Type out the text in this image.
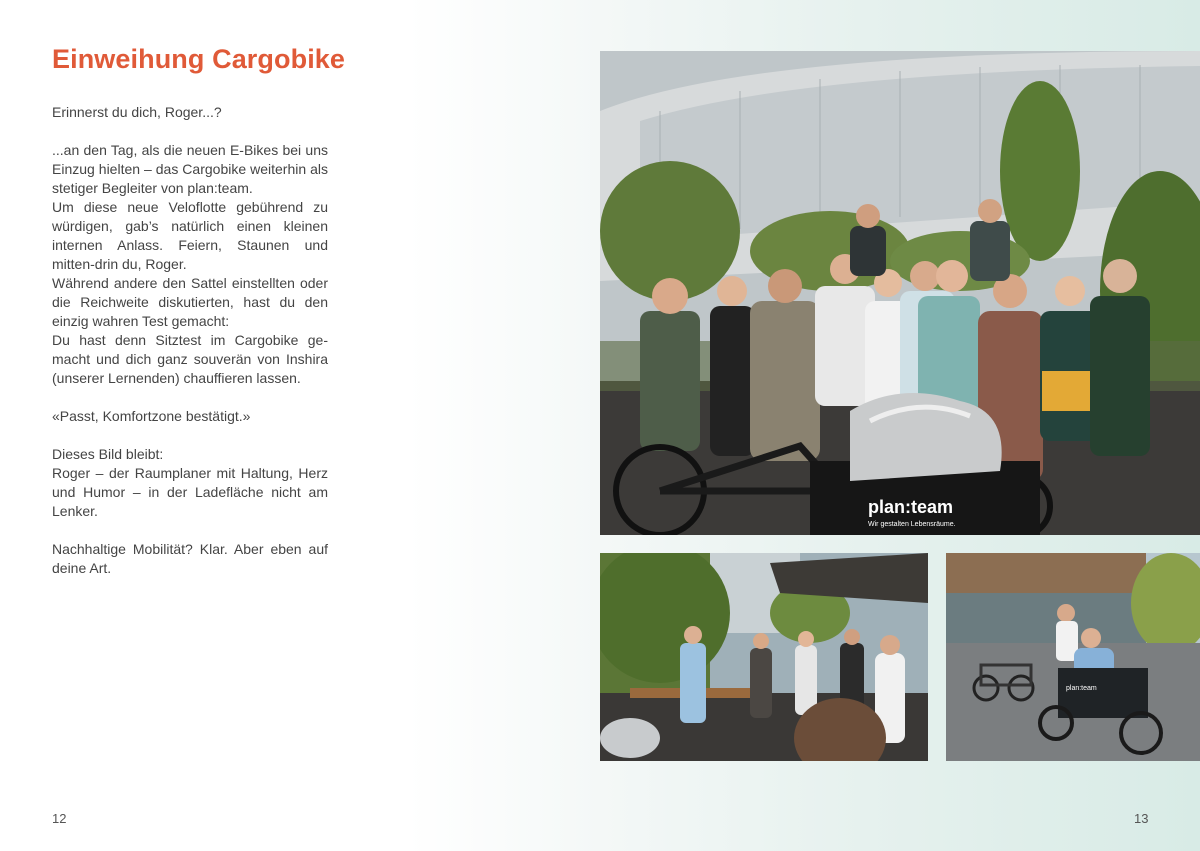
Einweihung Cargobike

Erinnerst du dich, Roger...?

...an den Tag, als die neuen E-Bikes bei uns Einzug hielten – das Cargobike weiterhin als stetiger Begleiter von plan:team.

Um diese neue Veloflotte gebührend zu würdigen, gab’s natürlich einen kleinen internen Anlass. Feiern, Staunen und mitten-drin du, Roger.

Während andere den Sattel einstellten oder die Reichweite diskutierten, hast du den einzig wahren Test gemacht:

Du hast denn Sitztest im Cargobike ge-macht und dich ganz souverän von Inshira (unserer Lernenden) chauffieren lassen.

«Passt, Komfortzone bestätigt.»

Dieses Bild bleibt:

Roger – der Raumplaner mit Haltung, Herz und Humor – in der Ladefläche nicht am Lenker.

Nachhaltige Mobilität? Klar. Aber eben auf deine Art.

plan:team
Wir gestalten Lebensräume.
plan:team
12	13
